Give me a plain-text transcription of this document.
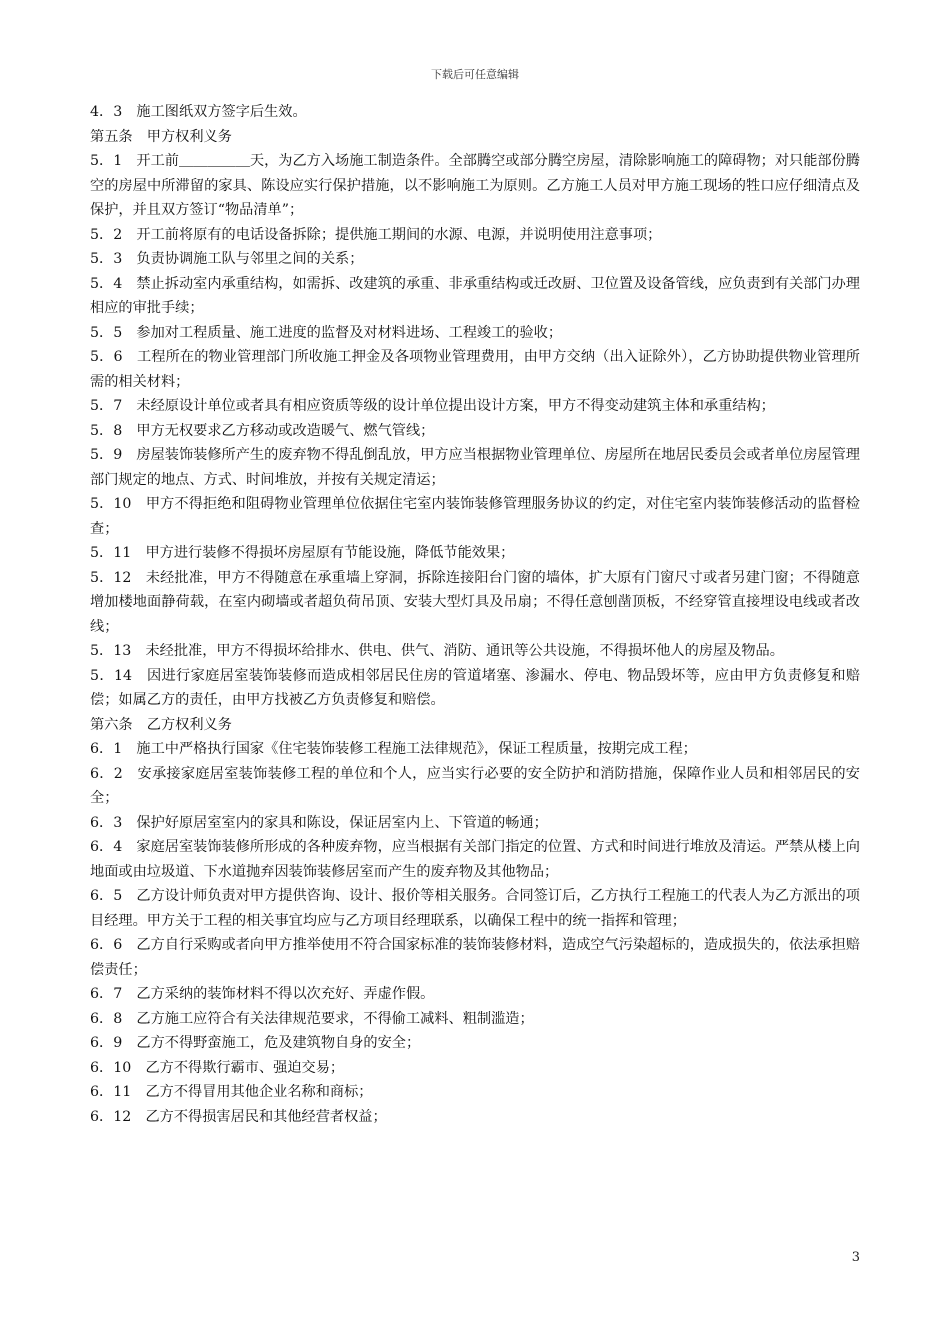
下载后可任意编辑

4．3　施工图纸双方签字后生效。

第五条　甲方权利义务

5．1　开工前＿＿＿＿＿天，为乙方入场施工制造条件。全部腾空或部分腾空房屋，清除影响施工的障碍物；对只能部份腾空的房屋中所滞留的家具、陈设应实行保护措施，以不影响施工为原则。乙方施工人员对甲方施工现场的牲口应仔细清点及保护，并且双方签订“物品清单”；

5．2　开工前将原有的电话设备拆除；提供施工期间的水源、电源，并说明使用注意事项；

5．3　负责协调施工队与邻里之间的关系；

5．4　禁止拆动室内承重结构，如需拆、改建筑的承重、非承重结构或迁改厨、卫位置及设备管线，应负责到有关部门办理相应的审批手续；

5．5　参加对工程质量、施工进度的监督及对材料进场、工程竣工的验收；

5．6　工程所在的物业管理部门所收施工押金及各项物业管理费用，由甲方交纳（出入证除外），乙方协助提供物业管理所需的相关材料；

5．7　未经原设计单位或者具有相应资质等级的设计单位提出设计方案，甲方不得变动建筑主体和承重结构；

5．8　甲方无权要求乙方移动或改造暖气、燃气管线；

5．9　房屋装饰装修所产生的废弃物不得乱倒乱放，甲方应当根据物业管理单位、房屋所在地居民委员会或者单位房屋管理部门规定的地点、方式、时间堆放，并按有关规定清运；

5．10　甲方不得拒绝和阻碍物业管理单位依据住宅室内装饰装修管理服务协议的约定，对住宅室内装饰装修活动的监督检查；

5．11　甲方进行装修不得损坏房屋原有节能设施，降低节能效果；

5．12　未经批准，甲方不得随意在承重墙上穿洞，拆除连接阳台门窗的墙体，扩大原有门窗尺寸或者另建门窗；不得随意增加楼地面静荷载，在室内砌墙或者超负荷吊顶、安装大型灯具及吊扇；不得任意刨凿顶板，不经穿管直接埋设电线或者改线；

5．13　未经批准，甲方不得损坏给排水、供电、供气、消防、通讯等公共设施，不得损坏他人的房屋及物品。

5．14　因进行家庭居室装饰装修而造成相邻居民住房的管道堵塞、渗漏水、停电、物品毁坏等，应由甲方负责修复和赔偿；如属乙方的责任，由甲方找被乙方负责修复和赔偿。

第六条　乙方权利义务

6．1　施工中严格执行国家《住宅装饰装修工程施工法律规范》，保证工程质量，按期完成工程；

6．2　安承接家庭居室装饰装修工程的单位和个人，应当实行必要的安全防护和消防措施，保障作业人员和相邻居民的安全；

6．3　保护好原居室室内的家具和陈设，保证居室内上、下管道的畅通；

6．4　家庭居室装饰装修所形成的各种废弃物，应当根据有关部门指定的位置、方式和时间进行堆放及清运。严禁从楼上向地面或由垃圾道、下水道抛弃因装饰装修居室而产生的废弃物及其他物品；

6．5　乙方设计师负责对甲方提供咨询、设计、报价等相关服务。合同签订后，乙方执行工程施工的代表人为乙方派出的项目经理。甲方关于工程的相关事宜均应与乙方项目经理联系，以确保工程中的统一指挥和管理；

6．6　乙方自行采购或者向甲方推举使用不符合国家标准的装饰装修材料，造成空气污染超标的，造成损失的，依法承担赔偿责任；

6．7　乙方采纳的装饰材料不得以次充好、弄虚作假。

6．8　乙方施工应符合有关法律规范要求，不得偷工减料、粗制滥造；

6．9　乙方不得野蛮施工，危及建筑物自身的安全；

6．10　乙方不得欺行霸市、强迫交易；

6．11　乙方不得冒用其他企业名称和商标；

6．12　乙方不得损害居民和其他经营者权益；

3
